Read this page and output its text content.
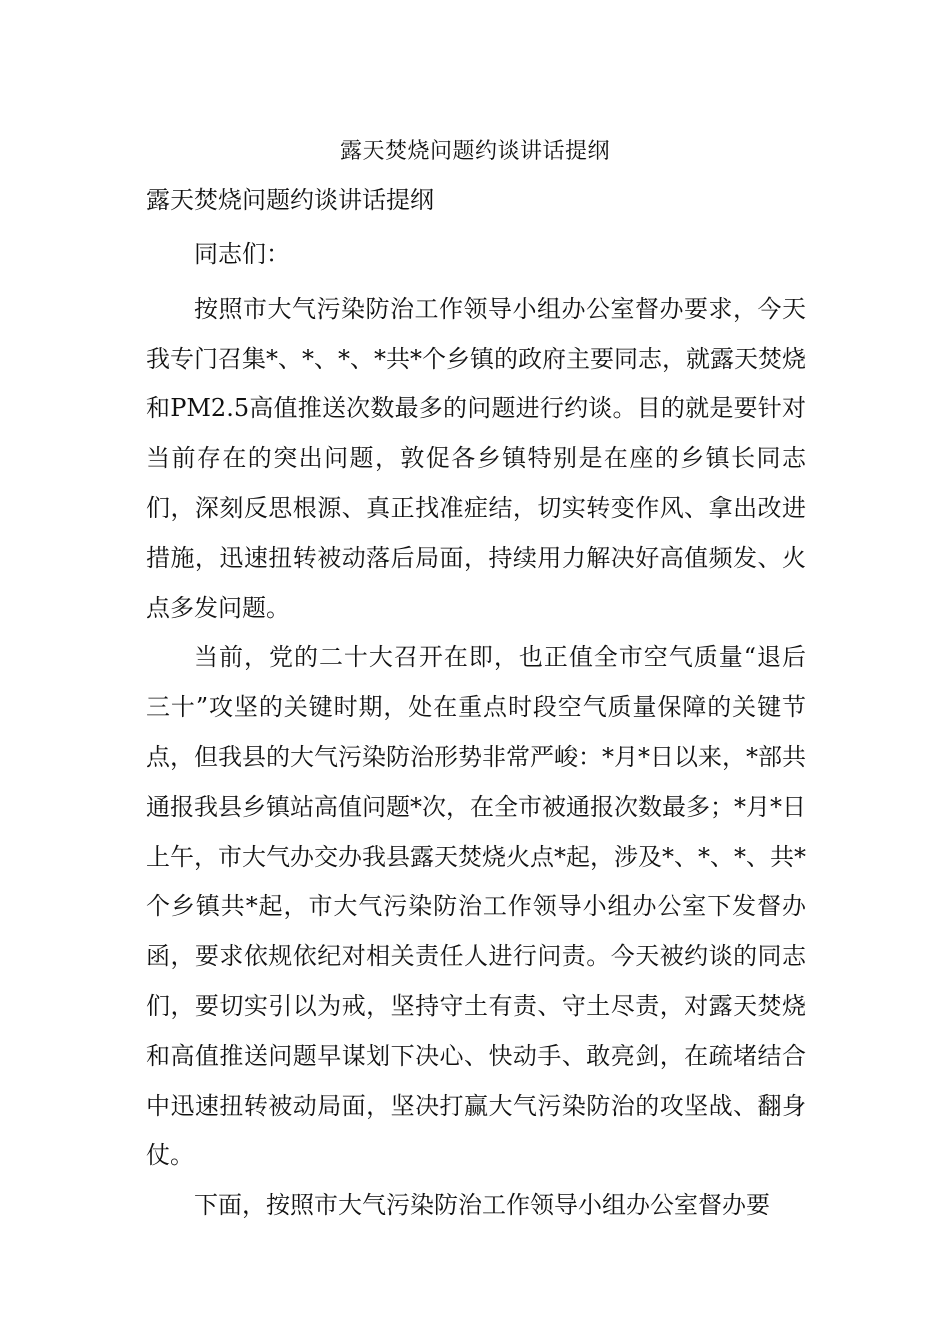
露天焚烧问题约谈讲话提纲
露天焚烧问题约谈讲话提纲

同志们：

按照市大气污染防治工作领导小组办公室督办要求，今天我专门召集*、*、*、*共*个乡镇的政府主要同志，就露天焚烧和PM2.5高值推送次数最多的问题进行约谈。目的就是要针对当前存在的突出问题，敦促各乡镇特别是在座的乡镇长同志们，深刻反思根源、真正找准症结，切实转变作风、拿出改进措施，迅速扭转被动落后局面，持续用力解决好高值频发、火点多发问题。

当前，党的二十大召开在即，也正值全市空气质量“退后三十”攻坚的关键时期，处在重点时段空气质量保障的关键节点，但我县的大气污染防治形势非常严峻：*月*日以来，*部共通报我县乡镇站高值问题*次，在全市被通报次数最多；*月*日上午，市大气办交办我县露天焚烧火点*起，涉及*、*、*、共*个乡镇共*起，市大气污染防治工作领导小组办公室下发督办函，要求依规依纪对相关责任人进行问责。今天被约谈的同志们，要切实引以为戒，坚持守土有责、守土尽责，对露天焚烧和高值推送问题早谋划下决心、快动手、敢亮剑，在疏堵结合中迅速扭转被动局面，坚决打赢大气污染防治的攻坚战、翻身仗。

下面，按照市大气污染防治工作领导小组办公室督办要
